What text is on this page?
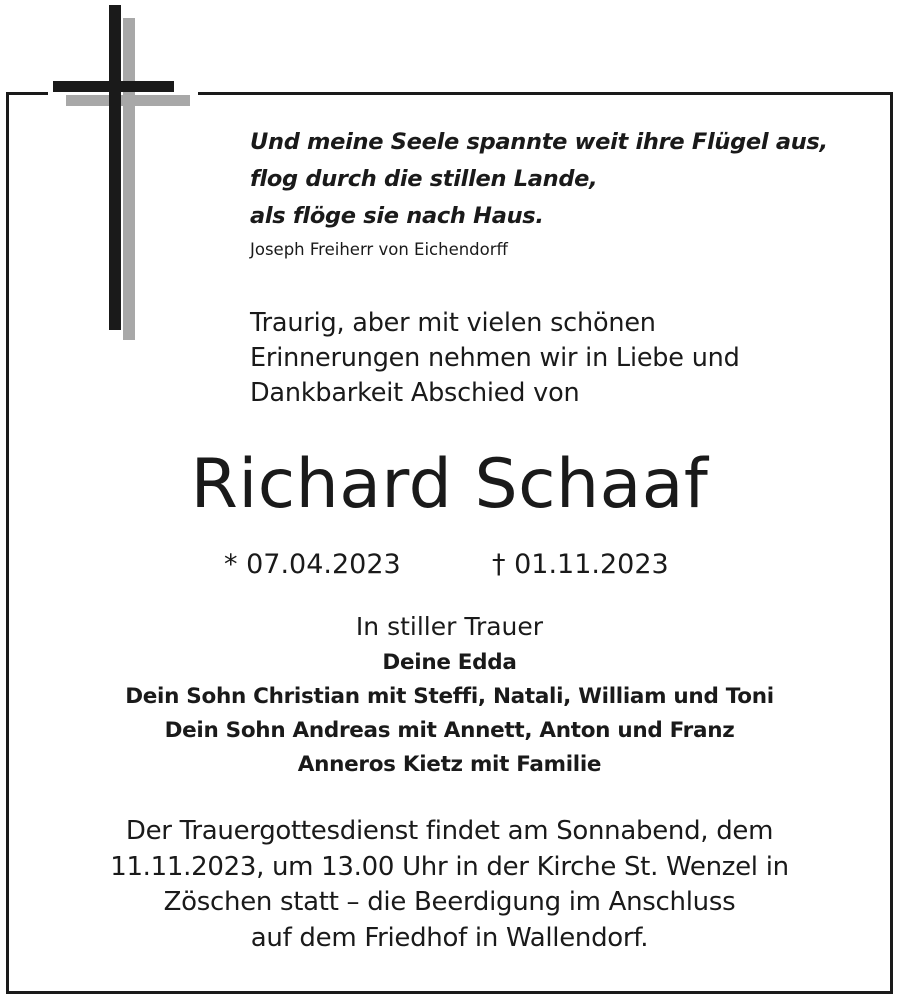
Und meine Seele spannte weit ihre Flügel aus,
flog durch die stillen Lande,
als flöge sie nach Haus.
Joseph Freiherr von Eichendorff
Traurig, aber mit vielen schönen
Erinnerungen nehmen wir in Liebe und
Dankbarkeit Abschied von
Richard Schaaf
* 07.04.2023	† 01.11.2023
In stiller Trauer
Deine Edda
Dein Sohn Christian mit Steffi, Natali, William und Toni
Dein Sohn Andreas mit Annett, Anton und Franz
Anneros Kietz mit Familie
Der Trauergottesdienst findet am Sonnabend, dem
11.11.2023, um 13.00 Uhr in der Kirche St. Wenzel in
Zöschen statt – die Beerdigung im Anschluss
auf dem Friedhof in Wallendorf.
